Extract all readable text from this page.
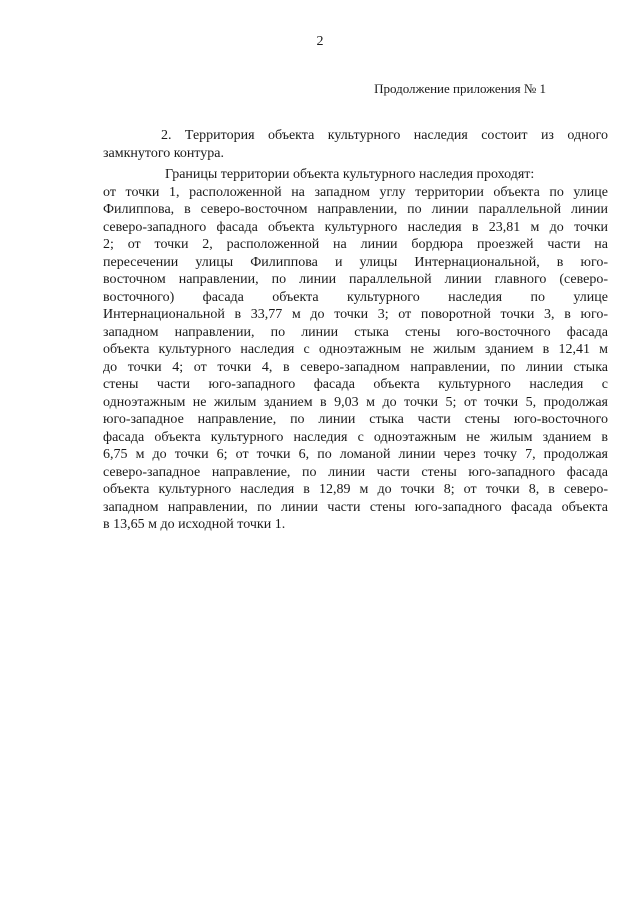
2
Продолжение приложения № 1
2. Территория объекта культурного наследия состоит из одного
замкнутого контура.
Границы территории объекта культурного наследия проходят:
от точки 1, расположенной на западном углу территории объекта по улице
Филиппова, в северо-восточном направлении, по линии параллельной линии
северо-западного фасада объекта культурного наследия в 23,81 м до точки
2; от точки 2, расположенной на линии бордюра проезжей части на
пересечении улицы Филиппова и улицы Интернациональной, в юго-
восточном направлении, по линии параллельной линии главного (северо-
восточного) фасада объекта культурного наследия по улице
Интернациональной в 33,77 м до точки 3; от поворотной точки 3, в юго-
западном направлении, по линии стыка стены юго-восточного фасада
объекта культурного наследия с одноэтажным не жилым зданием в 12,41 м
до точки 4; от точки 4, в северо-западном направлении, по линии стыка
стены части юго-западного фасада объекта культурного наследия с
одноэтажным не жилым зданием в 9,03 м до точки 5; от точки 5, продолжая
юго-западное направление, по линии стыка части стены юго-восточного
фасада объекта культурного наследия с одноэтажным не жилым зданием в
6,75 м до точки 6; от точки 6, по ломаной линии через точку 7, продолжая
северо-западное направление, по линии части стены юго-западного фасада
объекта культурного наследия в 12,89 м до точки 8; от точки 8, в северо-
западном направлении, по линии части стены юго-западного фасада объекта
в 13,65 м до исходной точки 1.
